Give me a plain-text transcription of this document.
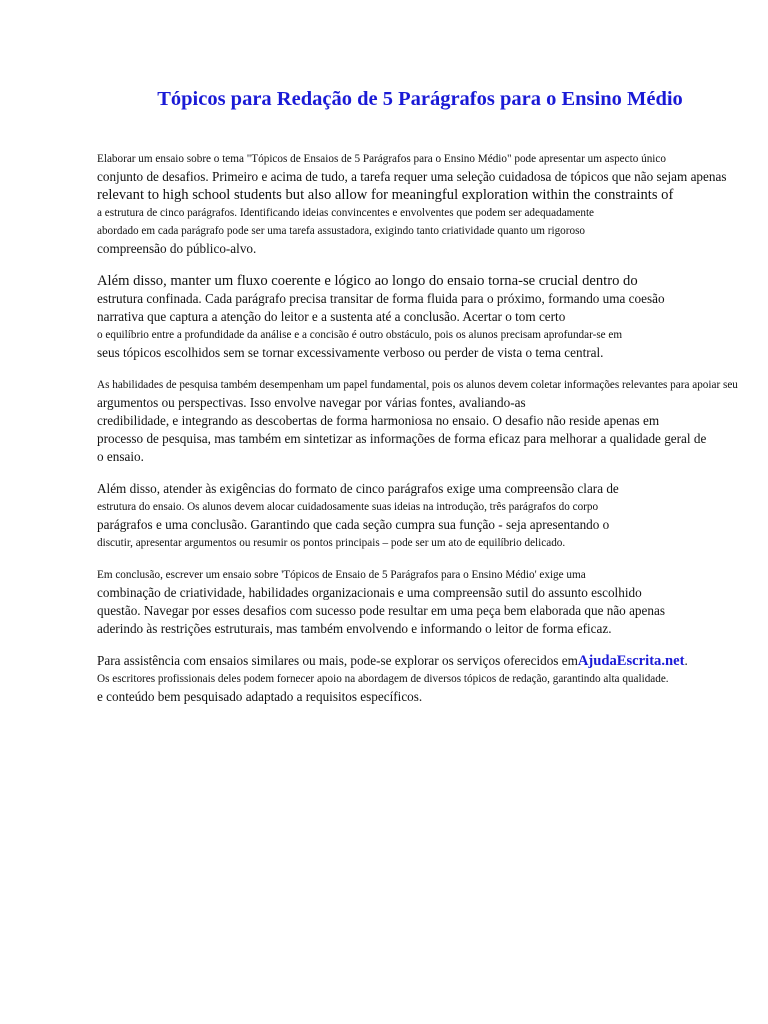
Tópicos para Redação de 5 Parágrafos para o Ensino Médio
Elaborar um ensaio sobre o tema "Tópicos de Ensaios de 5 Parágrafos para o Ensino Médio" pode apresentar um aspecto único
conjunto de desafios. Primeiro e acima de tudo, a tarefa requer uma seleção cuidadosa de tópicos que não sejam apenas
relevant to high school students but also allow for meaningful exploration within the constraints of
a estrutura de cinco parágrafos. Identificando ideias convincentes e envolventes que podem ser adequadamente
abordado em cada parágrafo pode ser uma tarefa assustadora, exigindo tanto criatividade quanto um rigoroso
compreensão do público-alvo.
Além disso, manter um fluxo coerente e lógico ao longo do ensaio torna-se crucial dentro do
estrutura confinada. Cada parágrafo precisa transitar de forma fluida para o próximo, formando uma coesão
narrativa que captura a atenção do leitor e a sustenta até a conclusão. Acertar o tom certo
o equilíbrio entre a profundidade da análise e a concisão é outro obstáculo, pois os alunos precisam aprofundar-se em
seus tópicos escolhidos sem se tornar excessivamente verboso ou perder de vista o tema central.
As habilidades de pesquisa também desempenham um papel fundamental, pois os alunos devem coletar informações relevantes para apoiar seu
argumentos ou perspectivas. Isso envolve navegar por várias fontes, avaliando-as
credibilidade, e integrando as descobertas de forma harmoniosa no ensaio. O desafio não reside apenas em
processo de pesquisa, mas também em sintetizar as informações de forma eficaz para melhorar a qualidade geral de
o ensaio.
Além disso, atender às exigências do formato de cinco parágrafos exige uma compreensão clara de
estrutura do ensaio. Os alunos devem alocar cuidadosamente suas ideias na introdução, três parágrafos do corpo
parágrafos e uma conclusão. Garantindo que cada seção cumpra sua função - seja apresentando o
discutir, apresentar argumentos ou resumir os pontos principais – pode ser um ato de equilíbrio delicado.
Em conclusão, escrever um ensaio sobre 'Tópicos de Ensaio de 5 Parágrafos para o Ensino Médio' exige uma
combinação de criatividade, habilidades organizacionais e uma compreensão sutil do assunto escolhido
questão. Navegar por esses desafios com sucesso pode resultar em uma peça bem elaborada que não apenas
aderindo às restrições estruturais, mas também envolvendo e informando o leitor de forma eficaz.
Para assistência com ensaios similares ou mais, pode-se explorar os serviços oferecidos emAjudaEscrita.net.
Os escritores profissionais deles podem fornecer apoio na abordagem de diversos tópicos de redação, garantindo alta qualidade.
e conteúdo bem pesquisado adaptado a requisitos específicos.
